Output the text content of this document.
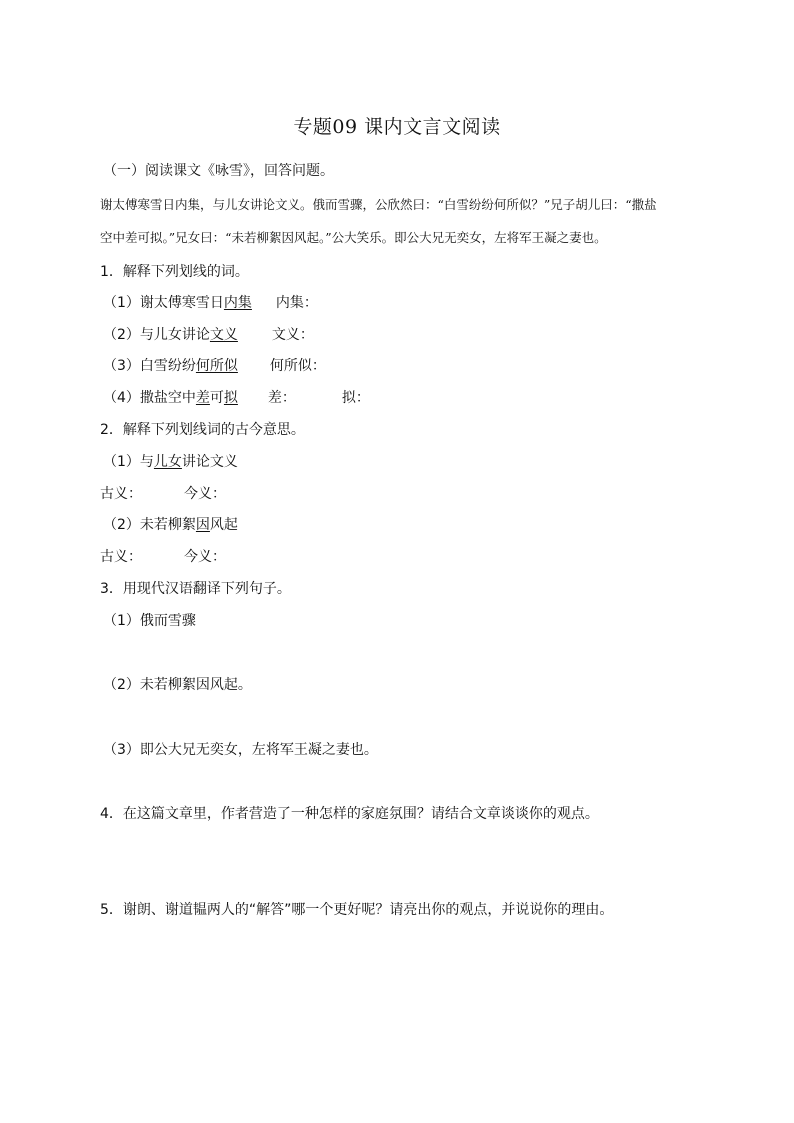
专题09 课内文言文阅读
（一）阅读课文《咏雪》，回答问题。
谢太傅寒雪日内集，与儿女讲论文义。俄而雪骤，公欣然曰：“白雪纷纷何所似？”兄子胡儿曰：“撒盐
空中差可拟。”兄女曰：“未若柳絮因风起。”公大笑乐。即公大兄无奕女，左将军王凝之妻也。
1．解释下列划线的词。
（1）谢太傅寒雪日内集 内集：
（2）与儿女讲论文义 文义：
（3）白雪纷纷何所似 何所似：
（4）撒盐空中差可拟 差：	拟：
2．解释下列划线词的古今意思。
（1）与儿女讲论文义
古义：	今义：
（2）未若柳絮因风起
古义：	今义：
3．用现代汉语翻译下列句子。
（1）俄而雪骤
（2）未若柳絮因风起。
（3）即公大兄无奕女，左将军王凝之妻也。
4．在这篇文章里，作者营造了一种怎样的家庭氛围？请结合文章谈谈你的观点。
5．谢朗、谢道韫两人的“解答”哪一个更好呢？请亮出你的观点，并说说你的理由。
